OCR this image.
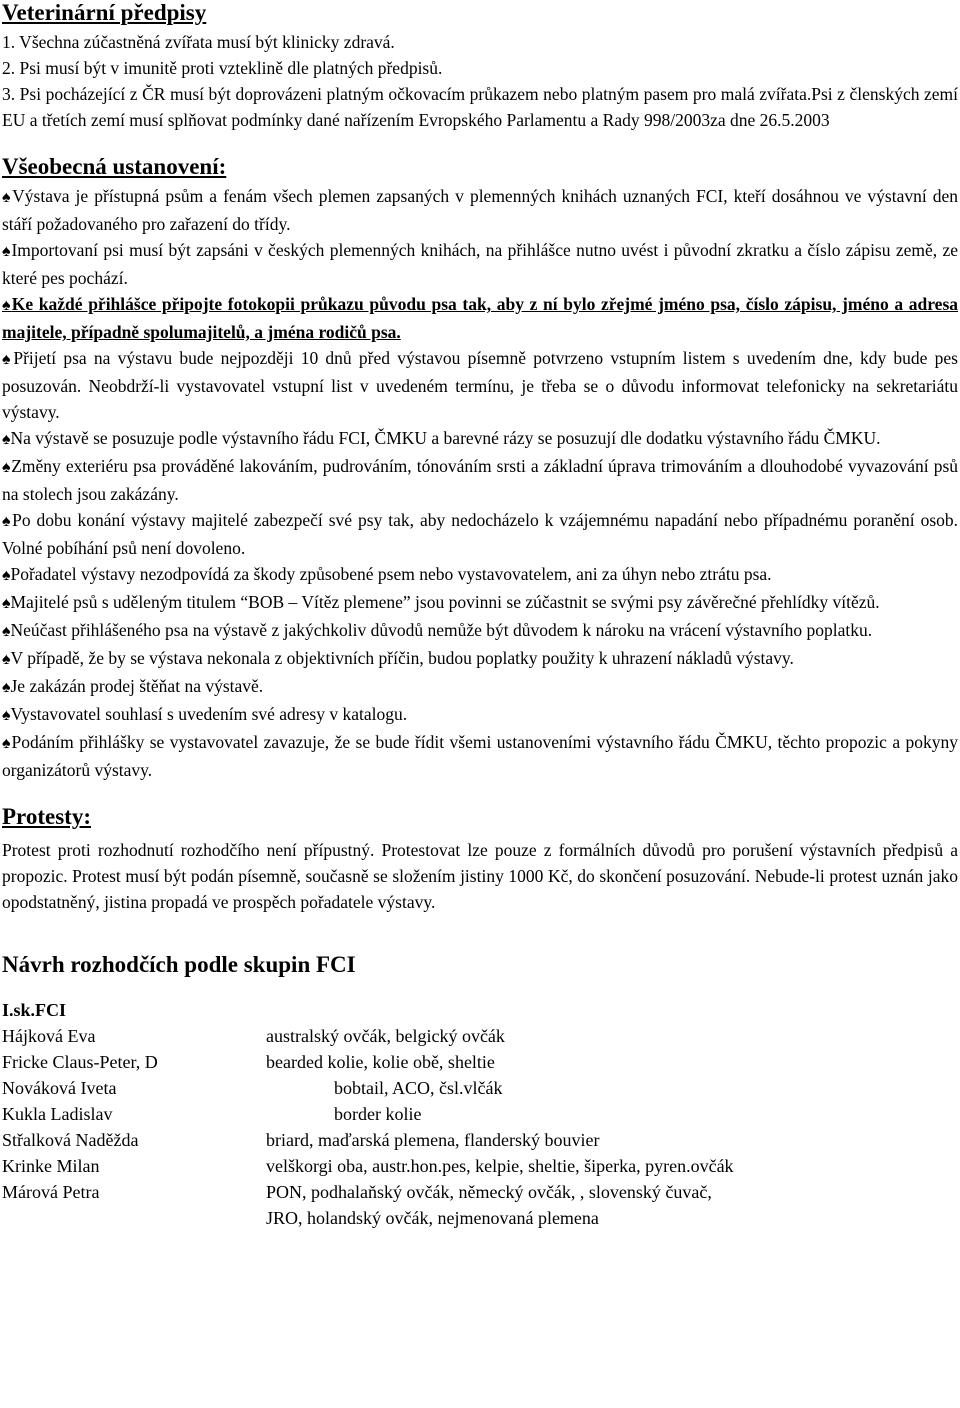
Veterinární předpisy

1. Všechna zúčastněná zvířata musí být klinicky zdravá.

2. Psi musí být v imunitě proti vzteklině dle platných předpisů.

3. Psi pocházející z ČR musí být doprovázeni platným očkovacím průkazem nebo platným pasem pro malá zvířata.Psi z členských zemí EU a třetích zemí musí splňovat podmínky dané nařízením Evropského Parlamentu a Rady 998/2003za dne 26.5.2003

Všeobecná ustanovení:

♠Výstava je přístupná psům a fenám všech plemen zapsaných v plemenných knihách uznaných FCI, kteří dosáhnou ve výstavní den stáří požadovaného pro zařazení do třídy.

♠Importovaní psi musí být zapsáni v českých plemenných knihách, na přihlášce nutno uvést i původní zkratku a číslo zápisu země, ze které pes pochází.

♠Ke každé přihlášce připojte fotokopii průkazu původu psa tak, aby z ní bylo zřejmé jméno psa, číslo zápisu, jméno a adresa majitele, případně spolumajitelů, a jména rodičů psa.

♠Přijetí psa na výstavu bude nejpozději 10 dnů před výstavou písemně potvrzeno vstupním listem s uvedením dne, kdy bude pes posuzován. Neobdrží-li vystavovatel vstupní list v uvedeném termínu, je třeba se o důvodu informovat telefonicky na sekretariátu výstavy.

♠Na výstavě se posuzuje podle výstavního řádu FCI, ČMKU a barevné rázy se posuzují dle dodatku výstavního řádu ČMKU.

♠Změny exteriéru psa prováděné lakováním, pudrováním, tónováním srsti a základní úprava trimováním a dlouhodobé vyvazování psů na stolech jsou zakázány.

♠Po dobu konání výstavy majitelé zabezpečí své psy tak, aby nedocházelo k vzájemnému napadání nebo případnému poranění osob. Volné pobíhání psů není dovoleno.

♠Pořadatel výstavy nezodpovídá za škody způsobené psem nebo vystavovatelem, ani za úhyn nebo ztrátu psa.

♠Majitelé psů s uděleným titulem “BOB – Vítěz plemene” jsou povinni se zúčastnit se svými psy závěrečné přehlídky vítězů.

♠Neúčast přihlášeného psa na výstavě z jakýchkoliv důvodů nemůže být důvodem k nároku na vrácení výstavního poplatku.

♠V případě, že by se výstava nekonala z objektivních příčin, budou poplatky použity k uhrazení nákladů výstavy.

♠Je zakázán prodej štěňat na výstavě.

♠Vystavovatel souhlasí s uvedením své adresy v katalogu.

♠Podáním přihlášky se vystavovatel zavazuje, že se bude řídit všemi ustanoveními výstavního řádu ČMKU, těchto propozic a pokyny organizátorů výstavy.

Protesty:

Protest proti rozhodnutí rozhodčího není přípustný. Protestovat lze pouze z formálních důvodů pro porušení výstavních předpisů a propozic. Protest musí být podán písemně, současně se složením jistiny 1000 Kč, do skončení posuzování. Nebude-li protest uznán jako opodstatněný, jistina propadá ve prospěch pořadatele výstavy.

Návrh rozhodčích podle skupin FCI

I.sk.FCI

Hájková Eva	australský ovčák, belgický ovčák
Fricke Claus-Peter, D	bearded kolie, kolie obě, sheltie
Nováková Iveta	bobtail, ACO, čsl.vlčák
Kukla Ladislav	border kolie
Střalková Naděžda	briard, maďarská plemena, flanderský bouvier
Krinke Milan	velškorgi oba, austr.hon.pes, kelpie, sheltie, šiperka, pyren.ovčák
Márová Petra	PON, podhalaňský ovčák, německý ovčák, , slovenský čuvač,
JRO, holandský ovčák, nejmenovaná plemena
